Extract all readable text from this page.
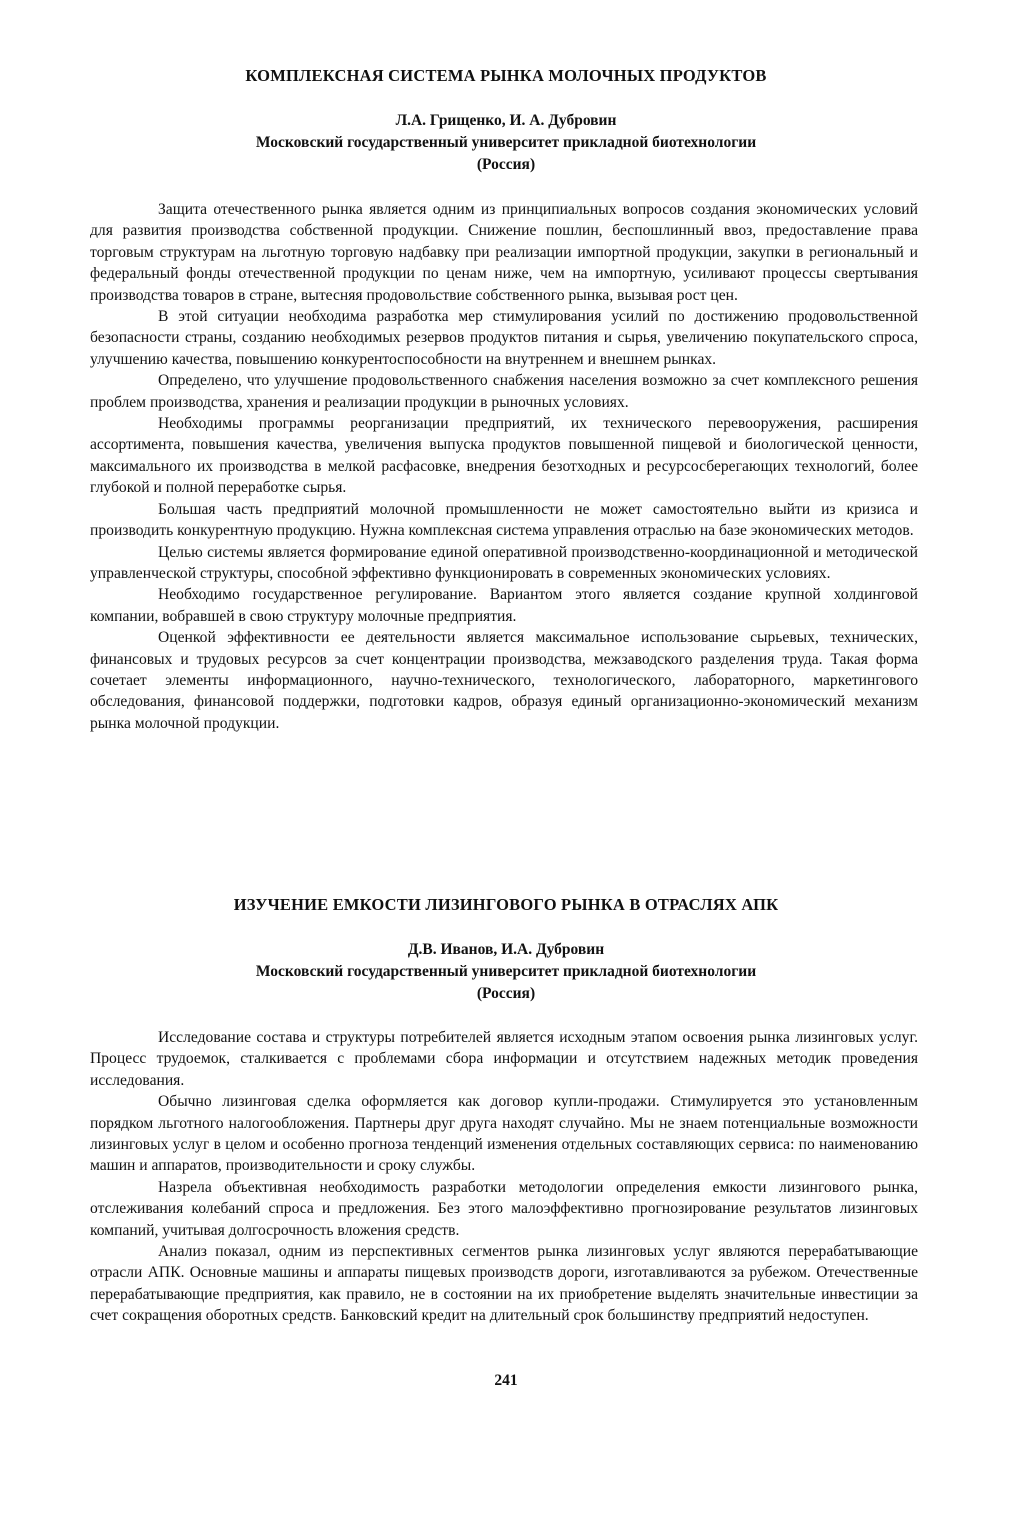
КОМПЛЕКСНАЯ СИСТЕМА РЫНКА МОЛОЧНЫХ ПРОДУКТОВ
Л.А. Грищенко, И. А. Дубровин
Московский государственный университет прикладной биотехнологии
(Россия)

Защита отечественного рынка является одним из принципиальных вопросов создания экономических условий для развития производства собственной продукции. Снижение пошлин, беспошлинный ввоз, предоставление права торговым структурам на льготную торговую надбавку при реализации импортной продукции, закупки в региональный и федеральный фонды отечественной продукции по ценам ниже, чем на импортную, усиливают процессы свертывания производства товаров в стране, вытесняя продовольствие собственного рынка, вызывая рост цен.

В этой ситуации необходима разработка мер стимулирования усилий по достижению продовольственной безопасности страны, созданию необходимых резервов продуктов питания и сырья, увеличению покупательского спроса, улучшению качества, повышению конкурентоспособности на внутреннем и внешнем рынках.

Определено, что улучшение продовольственного снабжения населения возможно за счет комплексного решения проблем производства, хранения и реализации продукции в рыночных условиях.

Необходимы программы реорганизации предприятий, их технического перевооружения, расширения ассортимента, повышения качества, увеличения выпуска продуктов повышенной пищевой и биологической ценности, максимального их производства в мелкой расфасовке, внедрения безотходных и ресурсосберегающих технологий, более глубокой и полной переработке сырья.

Большая часть предприятий молочной промышленности не может самостоятельно выйти из кризиса и производить конкурентную продукцию. Нужна комплексная система управления отраслью на базе экономических методов.

Целью системы является формирование единой оперативной производственно-координационной и методической управленческой структуры, способной эффективно функционировать в современных экономических условиях.

Необходимо государственное регулирование. Вариантом этого является создание крупной холдинговой компании, вобравшей в свою структуру молочные предприятия.

Оценкой эффективности ее деятельности является максимальное использование сырьевых, технических, финансовых и трудовых ресурсов за счет концентрации производства, межзаводского разделения труда. Такая форма сочетает элементы информационного, научно-технического, технологического, лабораторного, маркетингового обследования, финансовой поддержки, подготовки кадров, образуя единый организационно-экономический механизм рынка молочной продукции.

ИЗУЧЕНИЕ ЕМКОСТИ ЛИЗИНГОВОГО РЫНКА В ОТРАСЛЯХ АПК
Д.В. Иванов, И.А. Дубровин
Московский государственный университет прикладной биотехнологии
(Россия)

Исследование состава и структуры потребителей является исходным этапом освоения рынка лизинговых услуг. Процесс трудоемок, сталкивается с проблемами сбора информации и отсутствием надежных методик проведения исследования.

Обычно лизинговая сделка оформляется как договор купли-продажи. Стимулируется это установленным порядком льготного налогообложения. Партнеры друг друга находят случайно. Мы не знаем потенциальные возможности лизинговых услуг в целом и особенно прогноза тенденций изменения отдельных составляющих сервиса: по наименованию машин и аппаратов, производительности и сроку службы.

Назрела объективная необходимость разработки методологии определения емкости лизингового рынка, отслеживания колебаний спроса и предложения. Без этого малоэффективно прогнозирование результатов лизинговых компаний, учитывая долгосрочность вложения средств.

Анализ показал, одним из перспективных сегментов рынка лизинговых услуг являются перерабатывающие отрасли АПК. Основные машины и аппараты пищевых производств дороги, изготавливаются за рубежом. Отечественные перерабатывающие предприятия, как правило, не в состоянии на их приобретение выделять значительные инвестиции за счет сокращения оборотных средств. Банковский кредит на длительный срок большинству предприятий недоступен.

241
